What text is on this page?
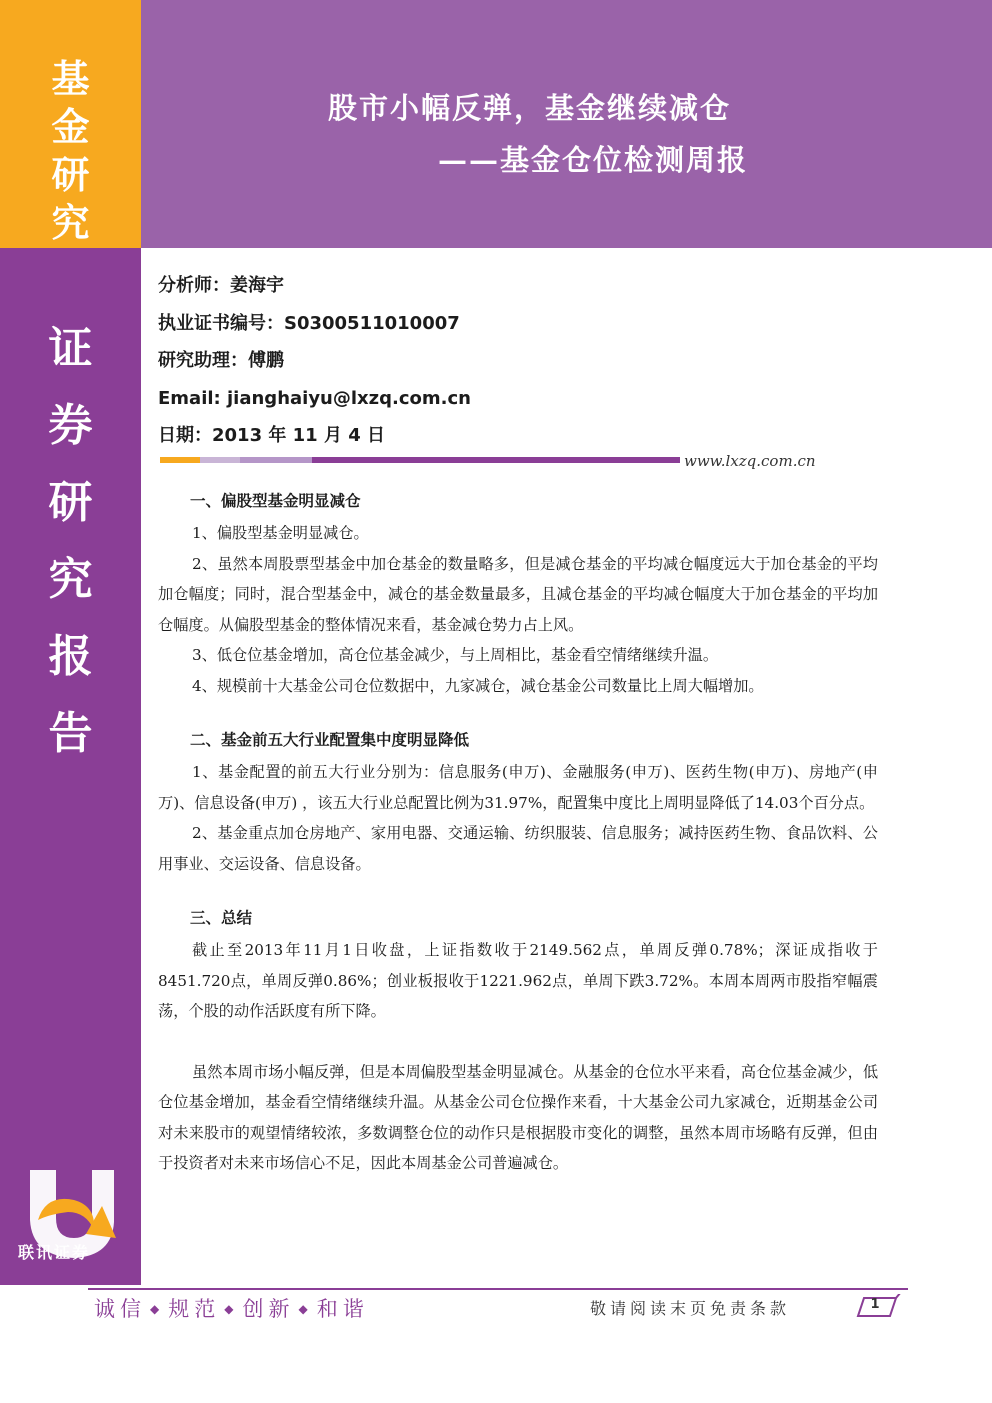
基
金
研
究
证
券
研
究
报
告
股市小幅反弹，基金继续减仓
——基金仓位检测周报
分析师：姜海宇
执业证书编号：S0300511010007
研究助理：傅鹏
Email: jianghaiyu@lxzq.com.cn
日期：2013 年 11 月 4 日
www.lxzq.com.cn
一、偏股型基金明显减仓
1、偏股型基金明显减仓。
2、虽然本周股票型基金中加仓基金的数量略多，但是减仓基金的平均减仓幅度远大于加仓基金的平均加仓幅度；同时，混合型基金中，减仓的基金数量最多，且减仓基金的平均减仓幅度大于加仓基金的平均加仓幅度。从偏股型基金的整体情况来看，基金减仓势力占上风。
3、低仓位基金增加，高仓位基金减少，与上周相比，基金看空情绪继续升温。
4、规模前十大基金公司仓位数据中，九家减仓，减仓基金公司数量比上周大幅增加。
二、基金前五大行业配置集中度明显降低
1、基金配置的前五大行业分别为：信息服务(申万)、金融服务(申万)、医药生物(申万)、房地产(申万)、信息设备(申万) ，该五大行业总配置比例为31.97%，配置集中度比上周明显降低了14.03个百分点。
2、基金重点加仓房地产、家用电器、交通运输、纺织服装、信息服务；减持医药生物、食品饮料、公用事业、交运设备、信息设备。
三、总结
截止至2013年11月1日收盘，上证指数收于2149.562点，单周反弹0.78%；深证成指收于8451.720点，单周反弹0.86%；创业板报收于1221.962点，单周下跌3.72%。本周本周两市股指窄幅震荡，个股的动作活跃度有所下降。
虽然本周市场小幅反弹，但是本周偏股型基金明显减仓。从基金的仓位水平来看，高仓位基金减少，低仓位基金增加，基金看空情绪继续升温。从基金公司仓位操作来看，十大基金公司九家减仓，近期基金公司对未来股市的观望情绪较浓，多数调整仓位的动作只是根据股市变化的调整，虽然本周市场略有反弹，但由于投资者对未来市场信心不足，因此本周基金公司普遍减仓。
联讯证券
诚信 ◆ 规范 ◆ 创新 ◆ 和谐	敬请阅读末页免责条款	1
